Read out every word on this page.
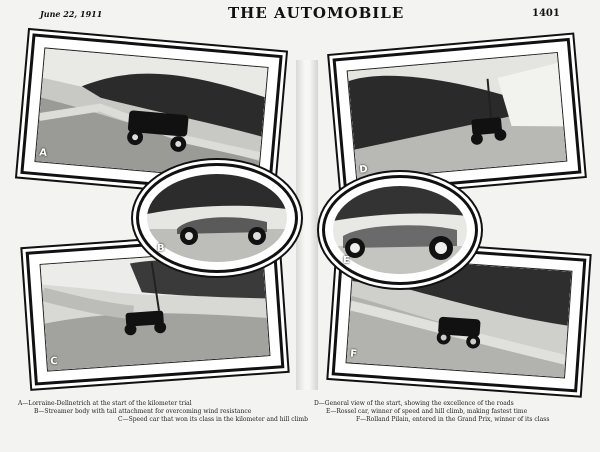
June 22, 1911	THE AUTOMOBILE	1401
A
D
C
F
B
E
A—Lorraine-Dellnetrich at the start of the kilometer trial
B—Streamer body with tail attachment for overcoming wind resistance
C—Speed car that won its class in the kilometer and hill climb
D—General view of the start, showing the excellence of the roads
E—Rossel car, winner of speed and hill climb, making fastest time
F—Rolland Pilain, entered in the Grand Prix, winner of its class
